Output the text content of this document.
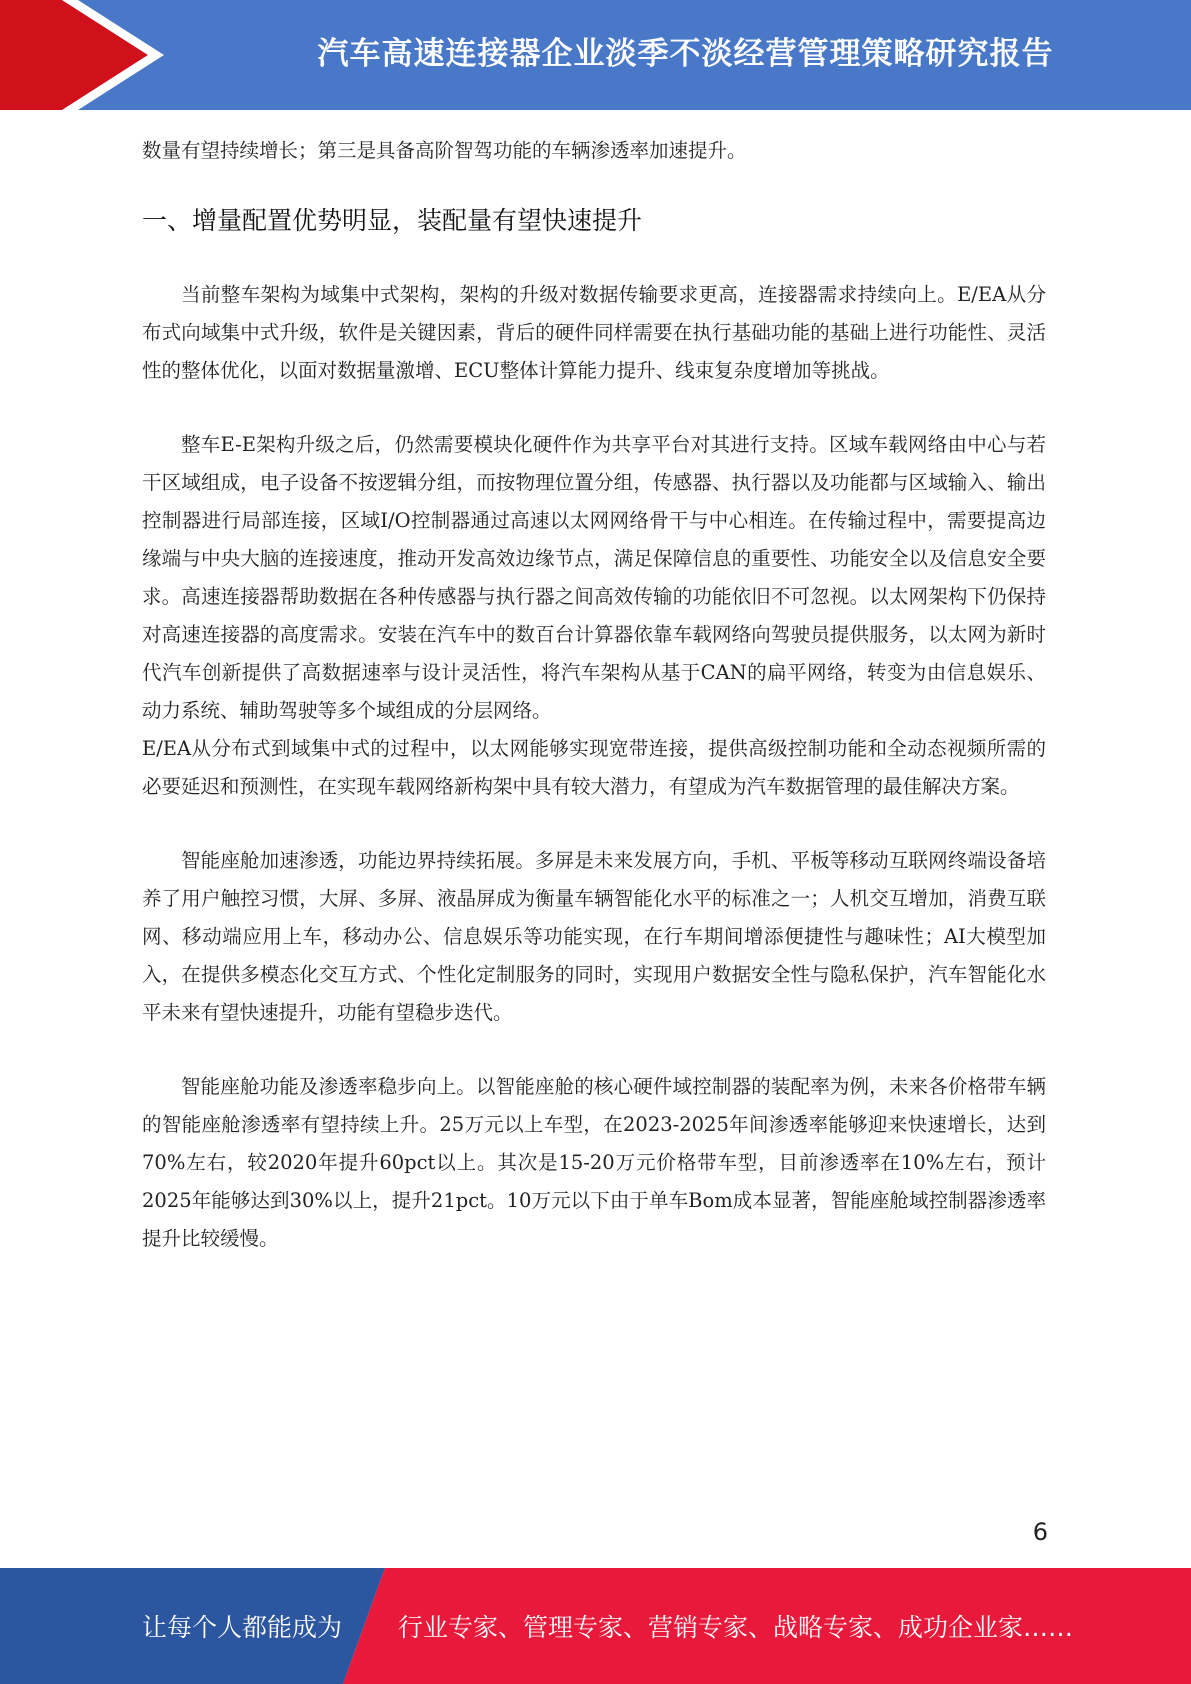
汽车高速连接器企业淡季不淡经营管理策略研究报告

数量有望持续增长；第三是具备高阶智驾功能的车辆渗透率加速提升。

一、增量配置优势明显，装配量有望快速提升

当前整车架构为域集中式架构，架构的升级对数据传输要求更高，连接器需求持续向上。E/EA从分布式向域集中式升级，软件是关键因素，背后的硬件同样需要在执行基础功能的基础上进行功能性、灵活性的整体优化，以面对数据量激增、ECU整体计算能力提升、线束复杂度增加等挑战。

整车E-E架构升级之后，仍然需要模块化硬件作为共享平台对其进行支持。区域车载网络由中心与若干区域组成，电子设备不按逻辑分组，而按物理位置分组，传感器、执行器以及功能都与区域输入、输出控制器进行局部连接，区域I/O控制器通过高速以太网网络骨干与中心相连。在传输过程中，需要提高边缘端与中央大脑的连接速度，推动开发高效边缘节点，满足保障信息的重要性、功能安全以及信息安全要求。高速连接器帮助数据在各种传感器与执行器之间高效传输的功能依旧不可忽视。以太网架构下仍保持对高速连接器的高度需求。安装在汽车中的数百台计算器依靠车载网络向驾驶员提供服务，以太网为新时代汽车创新提供了高数据速率与设计灵活性，将汽车架构从基于CAN的扁平网络，转变为由信息娱乐、动力系统、辅助驾驶等多个域组成的分层网络。

E/EA从分布式到域集中式的过程中，以太网能够实现宽带连接，提供高级控制功能和全动态视频所需的必要延迟和预测性，在实现车载网络新构架中具有较大潜力，有望成为汽车数据管理的最佳解决方案。

智能座舱加速渗透，功能边界持续拓展。多屏是未来发展方向，手机、平板等移动互联网终端设备培养了用户触控习惯，大屏、多屏、液晶屏成为衡量车辆智能化水平的标准之一；人机交互增加，消费互联网、移动端应用上车，移动办公、信息娱乐等功能实现，在行车期间增添便捷性与趣味性；AI大模型加入，在提供多模态化交互方式、个性化定制服务的同时，实现用户数据安全性与隐私保护，汽车智能化水平未来有望快速提升，功能有望稳步迭代。

智能座舱功能及渗透率稳步向上。以智能座舱的核心硬件域控制器的装配率为例，未来各价格带车辆的智能座舱渗透率有望持续上升。25万元以上车型，在2023-2025年间渗透率能够迎来快速增长，达到70%左右，较2020年提升60pct以上。其次是15-20万元价格带车型，目前渗透率在10%左右，预计2025年能够达到30%以上，提升21pct。10万元以下由于单车Bom成本显著，智能座舱域控制器渗透率提升比较缓慢。

6
让每个人都能成为 行业专家、管理专家、营销专家、战略专家、成功企业家……
